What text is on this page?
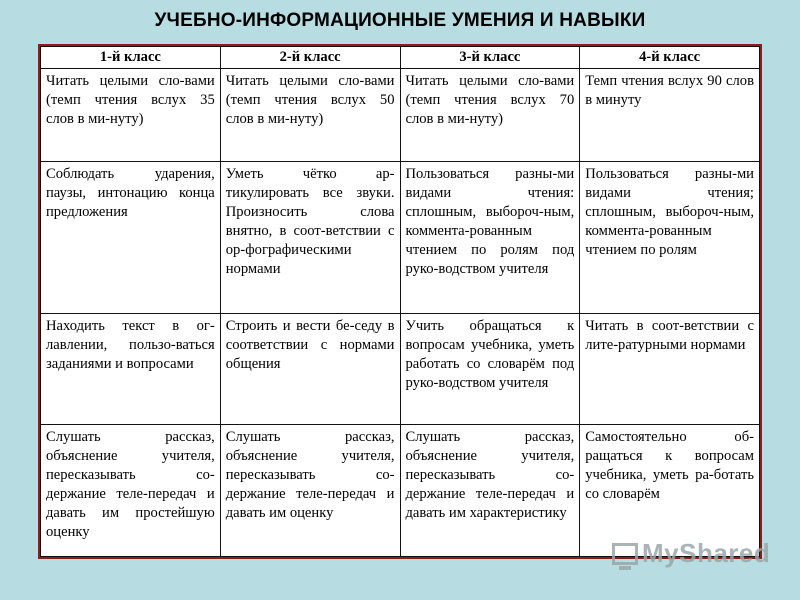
УЧЕБНО-ИНФОРМАЦИОННЫЕ УМЕНИЯ И НАВЫКИ
1-й класс	2-й класс	3-й класс	4-й класс
Читать целыми сло-вами (темп чтения вслух 35 слов в ми-нуту)	Читать целыми сло-вами (темп чтения вслух 50 слов в ми-нуту)	Читать целыми сло-вами (темп чтения вслух 70 слов в ми-нуту)	Темп чтения вслух 90 слов в минуту
Соблюдать ударения, паузы, интонацию конца предложения	Уметь чётко ар-тикулировать все звуки. Произносить слова внятно, в соот-ветствии с ор-фографическими нормами	Пользоваться разны-ми видами чтения: сплошным, выбороч-ным, коммента-рованным чтением по ролям под руко-водством учителя	Пользоваться разны-ми видами чтения; сплошным, выбороч-ным, коммента-рованным чтением по ролям
Находить текст в ог-лавлении, пользо-ваться заданиями и вопросами	Строить и вести бе-седу в соответствии с нормами общения	Учить обращаться к вопросам учебника, уметь работать со словарём под руко-водством учителя	Читать в соот-ветствии с лите-ратурными нормами
Слушать рассказ, объяснение учителя, пересказывать со-держание теле-передач и давать им простейшую оценку	Слушать рассказ, объяснение учителя, пересказывать со-держание теле-передач и давать им оценку	Слушать рассказ, объяснение учителя, пересказывать со-держание теле-передач и давать им характеристику	Самостоятельно об-ращаться к вопросам учебника, уметь ра-ботать со словарём
MyShared
